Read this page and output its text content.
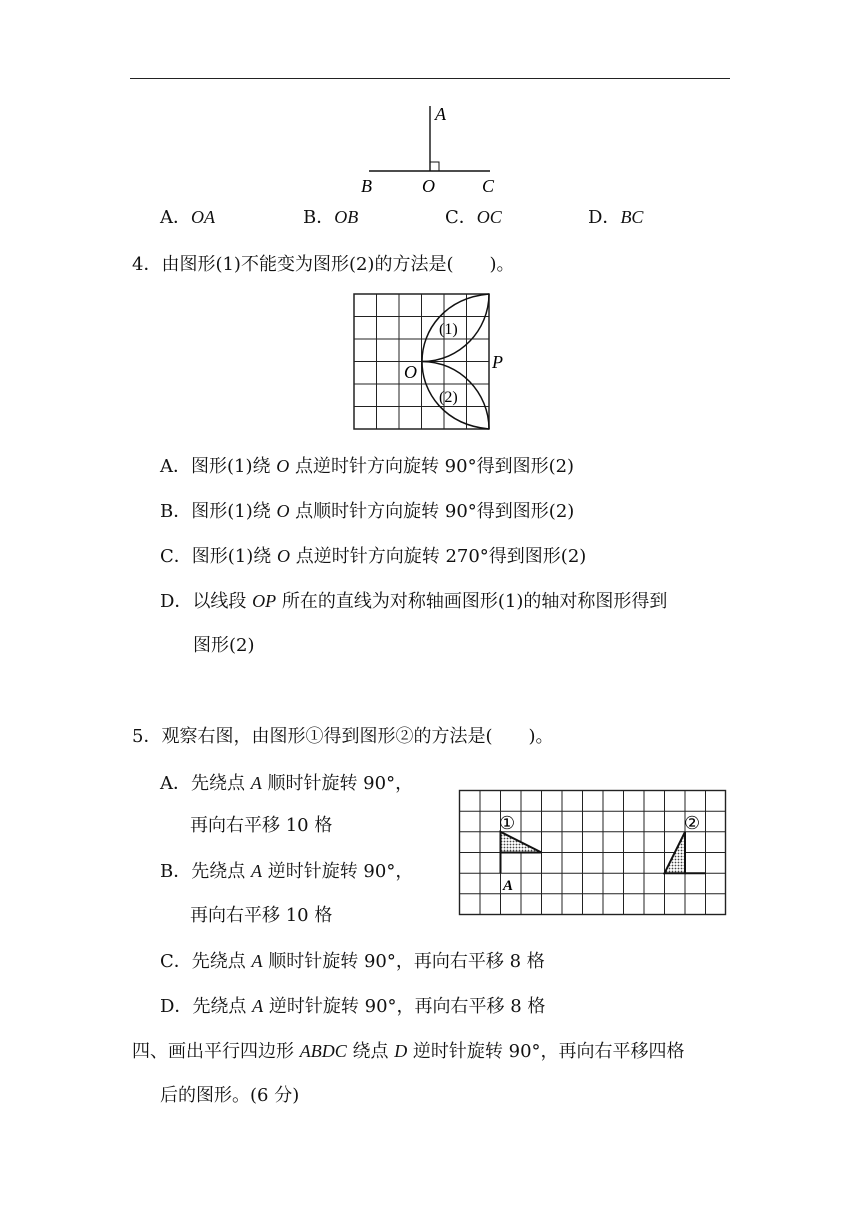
A
B	O	C
A．OA	B．OB	C．OC	D．BC
4．由图形(1)不能变为图形(2)的方法是(　　)。
(1)
(2)
O	P
A．图形(1)绕 O 点逆时针方向旋转 90°得到图形(2)
B．图形(1)绕 O 点顺时针方向旋转 90°得到图形(2)
C．图形(1)绕 O 点逆时针方向旋转 270°得到图形(2)
D．以线段 OP 所在的直线为对称轴画图形(1)的轴对称图形得到
图形(2)
5．观察右图，由图形①得到图形②的方法是(　　)。
A．先绕点 A 顺时针旋转 90°，
再向右平移 10 格
B．先绕点 A 逆时针旋转 90°，
再向右平移 10 格
C．先绕点 A 顺时针旋转 90°，再向右平移 8 格
D．先绕点 A 逆时针旋转 90°，再向右平移 8 格
①	②
A
四、画出平行四边形 ABDC 绕点 D 逆时针旋转 90°，再向右平移四格
后的图形。(6 分)
